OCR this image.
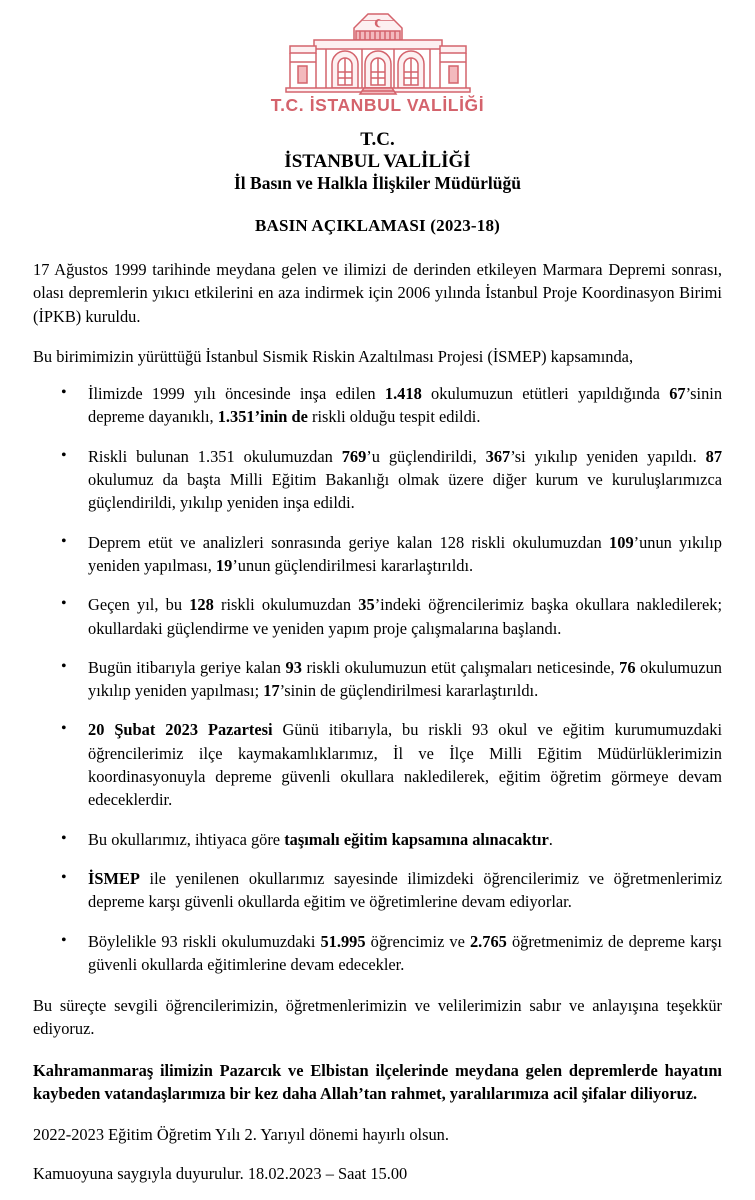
T.C. İSTANBUL VALİLİĞİ
T.C.
İSTANBUL VALİLİĞİ
İl Basın ve Halkla İlişkiler Müdürlüğü
BASIN AÇIKLAMASI (2023-18)

17 Ağustos 1999 tarihinde meydana gelen ve ilimizi de derinden etkileyen Marmara Depremi sonrası, olası depremlerin yıkıcı etkilerini en aza indirmek için 2006 yılında İstanbul Proje Koordinasyon Birimi (İPKB) kuruldu.

Bu birimimizin yürüttüğü İstanbul Sismik Riskin Azaltılması Projesi (İSMEP) kapsamında,

• İlimizde 1999 yılı öncesinde inşa edilen 1.418 okulumuzun etütleri yapıldığında 67’sinin depreme dayanıklı, 1.351’inin de riskli olduğu tespit edildi.
• Riskli bulunan 1.351 okulumuzdan 769’u güçlendirildi, 367’si yıkılıp yeniden yapıldı. 87 okulumuz da başta Milli Eğitim Bakanlığı olmak üzere diğer kurum ve kuruluşlarımızca güçlendirildi, yıkılıp yeniden inşa edildi.
• Deprem etüt ve analizleri sonrasında geriye kalan 128 riskli okulumuzdan 109’unun yıkılıp yeniden yapılması, 19’unun güçlendirilmesi kararlaştırıldı.
• Geçen yıl, bu 128 riskli okulumuzdan 35’indeki öğrencilerimiz başka okullara nakledilerek; okullardaki güçlendirme ve yeniden yapım proje çalışmalarına başlandı.
• Bugün itibarıyla geriye kalan 93 riskli okulumuzun etüt çalışmaları neticesinde, 76 okulumuzun yıkılıp yeniden yapılması; 17’sinin de güçlendirilmesi kararlaştırıldı.
• 20 Şubat 2023 Pazartesi Günü itibarıyla, bu riskli 93 okul ve eğitim kurumumuzdaki öğrencilerimiz ilçe kaymakamlıklarımız, İl ve İlçe Milli Eğitim Müdürlüklerimizin koordinasyonuyla depreme güvenli okullara nakledilerek, eğitim öğretim görmeye devam edeceklerdir.
• Bu okullarımız, ihtiyaca göre taşımalı eğitim kapsamına alınacaktır.
• İSMEP ile yenilenen okullarımız sayesinde ilimizdeki öğrencilerimiz ve öğretmenlerimiz depreme karşı güvenli okullarda eğitim ve öğretimlerine devam ediyorlar.
• Böylelikle 93 riskli okulumuzdaki 51.995 öğrencimiz ve 2.765 öğretmenimiz de depreme karşı güvenli okullarda eğitimlerine devam edecekler.

Bu süreçte sevgili öğrencilerimizin, öğretmenlerimizin ve velilerimizin sabır ve anlayışına teşekkür ediyoruz.

Kahramanmaraş ilimizin Pazarcık ve Elbistan ilçelerinde meydana gelen depremlerde hayatını kaybeden vatandaşlarımıza bir kez daha Allah’tan rahmet, yaralılarımıza acil şifalar diliyoruz.

2022-2023 Eğitim Öğretim Yılı 2. Yarıyıl dönemi hayırlı olsun.

Kamuoyuna saygıyla duyurulur. 18.02.2023 – Saat 15.00
